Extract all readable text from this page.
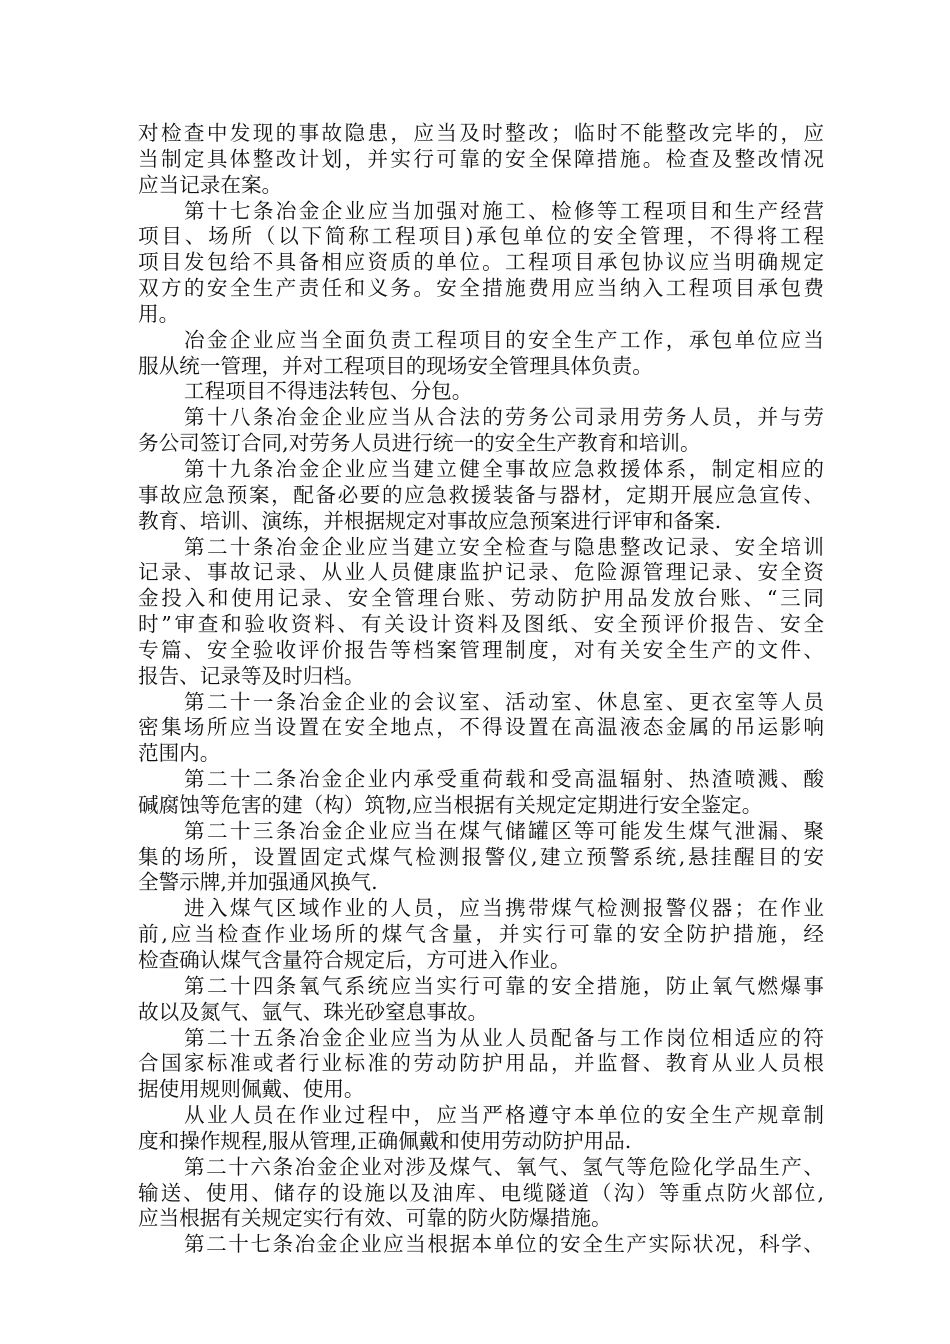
对检查中发现的事故隐患，应当及时整改；临时不能整改完毕的，应
当制定具体整改计划，并实行可靠的安全保障措施。检查及整改情况
应当记录在案。
第十七条冶金企业应当加强对施工、检修等工程项目和生产经营
项目、场所（以下简称工程项目)承包单位的安全管理，不得将工程
项目发包给不具备相应资质的单位。工程项目承包协议应当明确规定
双方的安全生产责任和义务。安全措施费用应当纳入工程项目承包费
用。
冶金企业应当全面负责工程项目的安全生产工作，承包单位应当
服从统一管理，并对工程项目的现场安全管理具体负责。
工程项目不得违法转包、分包。
第十八条冶金企业应当从合法的劳务公司录用劳务人员，并与劳
务公司签订合同,对劳务人员进行统一的安全生产教育和培训。
第十九条冶金企业应当建立健全事故应急救援体系，制定相应的
事故应急预案，配备必要的应急救援装备与器材，定期开展应急宣传、
教育、培训、演练，并根据规定对事故应急预案进行评审和备案.
第二十条冶金企业应当建立安全检查与隐患整改记录、安全培训
记录、事故记录、从业人员健康监护记录、危险源管理记录、安全资
金投入和使用记录、安全管理台账、劳动防护用品发放台账、“三同
时”审查和验收资料、有关设计资料及图纸、安全预评价报告、安全
专篇、安全验收评价报告等档案管理制度，对有关安全生产的文件、
报告、记录等及时归档。
第二十一条冶金企业的会议室、活动室、休息室、更衣室等人员
密集场所应当设置在安全地点，不得设置在高温液态金属的吊运影响
范围内。
第二十二条冶金企业内承受重荷载和受高温辐射、热渣喷溅、酸
碱腐蚀等危害的建（构）筑物,应当根据有关规定定期进行安全鉴定。
第二十三条冶金企业应当在煤气储罐区等可能发生煤气泄漏、聚
集的场所，设置固定式煤气检测报警仪,建立预警系统,悬挂醒目的安
全警示牌,并加强通风换气.
进入煤气区域作业的人员，应当携带煤气检测报警仪器；在作业
前,应当检查作业场所的煤气含量，并实行可靠的安全防护措施，经
检查确认煤气含量符合规定后，方可进入作业。
第二十四条氧气系统应当实行可靠的安全措施，防止氧气燃爆事
故以及氮气、氩气、珠光砂窒息事故。
第二十五条冶金企业应当为从业人员配备与工作岗位相适应的符
合国家标准或者行业标准的劳动防护用品，并监督、教育从业人员根
据使用规则佩戴、使用。
从业人员在作业过程中，应当严格遵守本单位的安全生产规章制
度和操作规程,服从管理,正确佩戴和使用劳动防护用品.
第二十六条冶金企业对涉及煤气、氧气、氢气等危险化学品生产、
输送、使用、储存的设施以及油库、电缆隧道（沟）等重点防火部位,
应当根据有关规定实行有效、可靠的防火防爆措施。
第二十七条冶金企业应当根据本单位的安全生产实际状况，科学、
